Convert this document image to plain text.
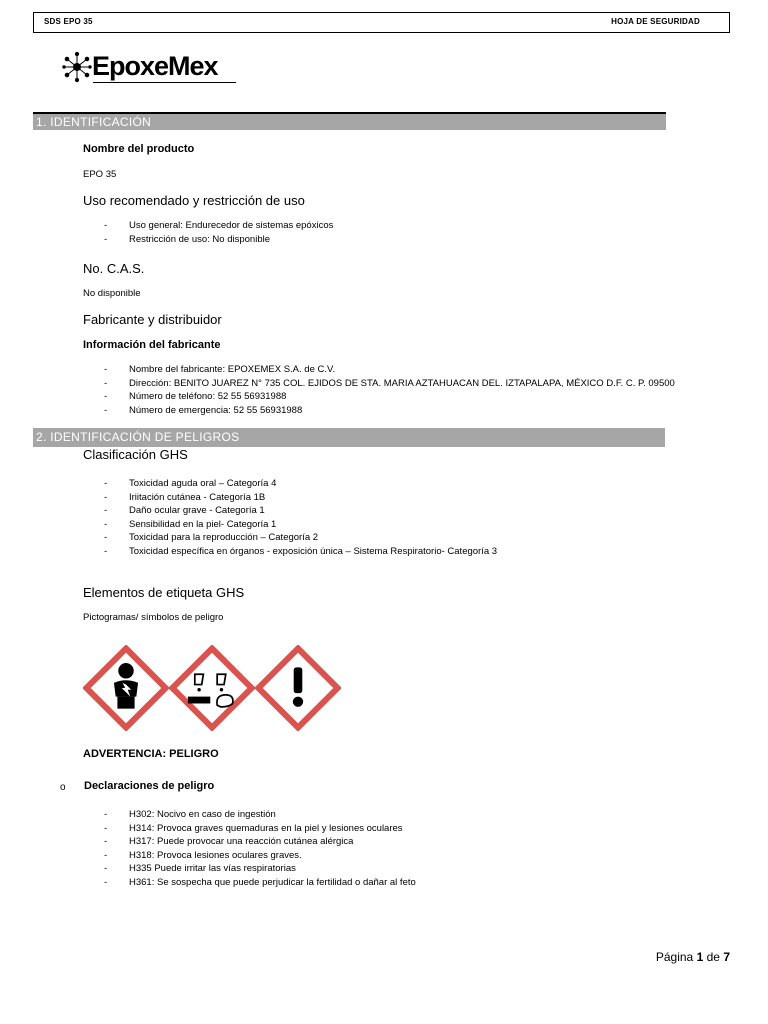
SDS EPO 35	HOJA DE SEGURIDAD
EpoxeMex
1. IDENTIFICACIÓN
Nombre del producto
EPO 35
Uso recomendado y restricción de uso
- Uso general: Endurecedor de sistemas epóxicos
- Restricción de uso: No disponible
No. C.A.S.
No disponible
Fabricante y distribuidor
Información del fabricante
- Nombre del fabricante: EPOXEMEX S.A. de C.V.
- Dirección: BENITO JUAREZ N° 735 COL. EJIDOS DE STA. MARIA AZTAHUACAN DEL. IZTAPALAPA, MÉXICO D.F. C. P. 09500
- Número de teléfono: 52 55 56931988
- Número de emergencia: 52 55 56931988
2. IDENTIFICACIÓN DE PELIGROS
Clasificación GHS
- Toxicidad aguda oral – Categoría 4
- Iriitación cutánea - Categoría 1B
- Daño ocular grave - Categoría 1
- Sensibilidad en la piel- Categoría 1
- Toxicidad para la reproducción – Categoría 2
- Toxicidad específica en órganos - exposición única – Sistema Respiratorio- Categoría 3
Elementos de etiqueta GHS
Pictogramas/ símbolos de peligro
ADVERTENCIA: PELIGRO
o Declaraciones de peligro
- H302: Nocivo en caso de ingestión
- H314: Provoca graves quemaduras en la piel y lesiones oculares
- H317: Puede provocar una reacción cutánea alérgica
- H318: Provoca lesiones oculares graves.
- H335 Puede irritar las vías respiratorias
- H361: Se sospecha que puede perjudicar la fertilidad o dañar al feto
Página 1 de 7
